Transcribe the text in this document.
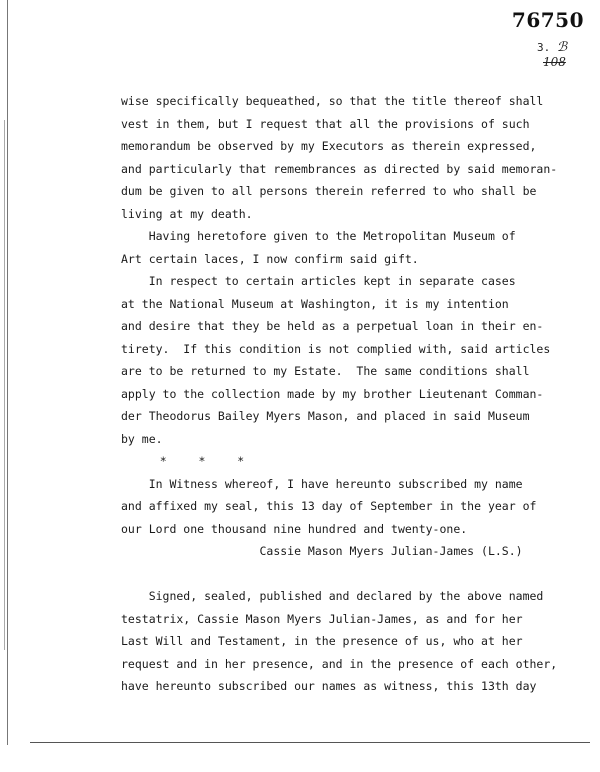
76750
3. ℬ 108
wise specifically bequeathed, so that the title thereof shall
vest in them, but I request that all the provisions of such
memorandum be observed by my Executors as therein expressed,
and particularly that remembrances as directed by said memoran-
dum be given to all persons therein referred to who shall be
living at my death.
Having heretofore given to the Metropolitan Museum of
Art certain laces, I now confirm said gift.
In respect to certain articles kept in separate cases
at the National Museum at Washington, it is my intention
and desire that they be held as a perpetual loan in their en-
tirety.  If this condition is not complied with, said articles
are to be returned to my Estate.  The same conditions shall
apply to the collection made by my brother Lieutenant Comman-
der Theodorus Bailey Myers Mason, and placed in said Museum
by me.
*  *  *
In Witness whereof, I have hereunto subscribed my name
and affixed my seal, this 13 day of September in the year of
our Lord one thousand nine hundred and twenty-one.
Cassie Mason Myers Julian-James (L.S.)
Signed, sealed, published and declared by the above named
testatrix, Cassie Mason Myers Julian-James, as and for her
Last Will and Testament, in the presence of us, who at her
request and in her presence, and in the presence of each other,
have hereunto subscribed our names as witness, this 13th day
